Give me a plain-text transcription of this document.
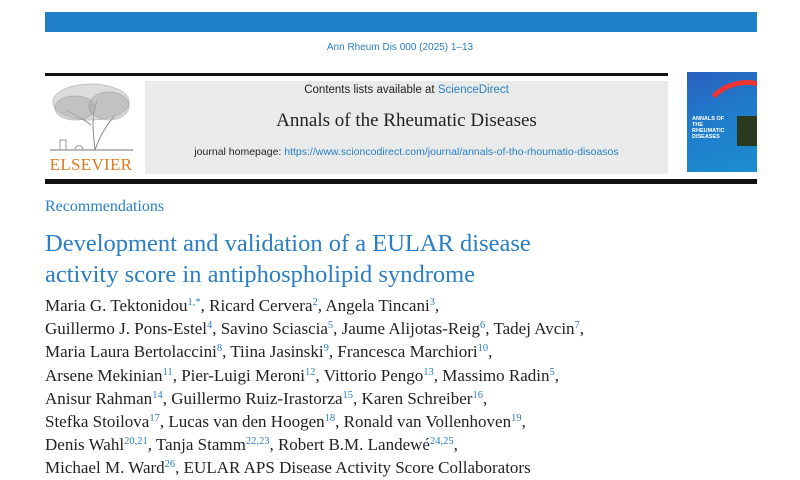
Ann Rheum Dis 000 (2025) 1–13
ELSEVIER
Contents lists available at ScienceDirect
Annals of the Rheumatic Diseases
journal homepage: https://www.scioncodirect.com/journal/annals-of-tho-rhoumatio-disoasos
ANNALS OF THE RHEUMATIC DISEASES
Recommendations
Development and validation of a EULAR disease
activity score in antiphospholipid syndrome
Maria G. Tektonidou$^{1,*}$, Ricard Cervera$^2$, Angela Tincani$^3$,
Guillermo J. Pons-Estel$^4$, Savino Sciascia$^5$, Jaume Alijotas-Reig$^6$, Tadej Avcin$^7$,
Maria Laura Bertolaccini$^8$, Tiina Jasinski$^9$, Francesca Marchiori$^{10}$,
Arsene Mekinian$^{11}$, Pier-Luigi Meroni$^{12}$, Vittorio Pengo$^{13}$, Massimo Radin$^5$,
Anisur Rahman$^{14}$, Guillermo Ruiz-Irastorza$^{15}$, Karen Schreiber$^{16}$,
Stefka Stoilova$^{17}$, Lucas van den Hoogen$^{18}$, Ronald van Vollenhoven$^{19}$,
Denis Wahl$^{20,21}$, Tanja Stamm$^{22,23}$, Robert B.M. Landewé$^{24,25}$,
Michael M. Ward$^{26}$, EULAR APS Disease Activity Score Collaborators
